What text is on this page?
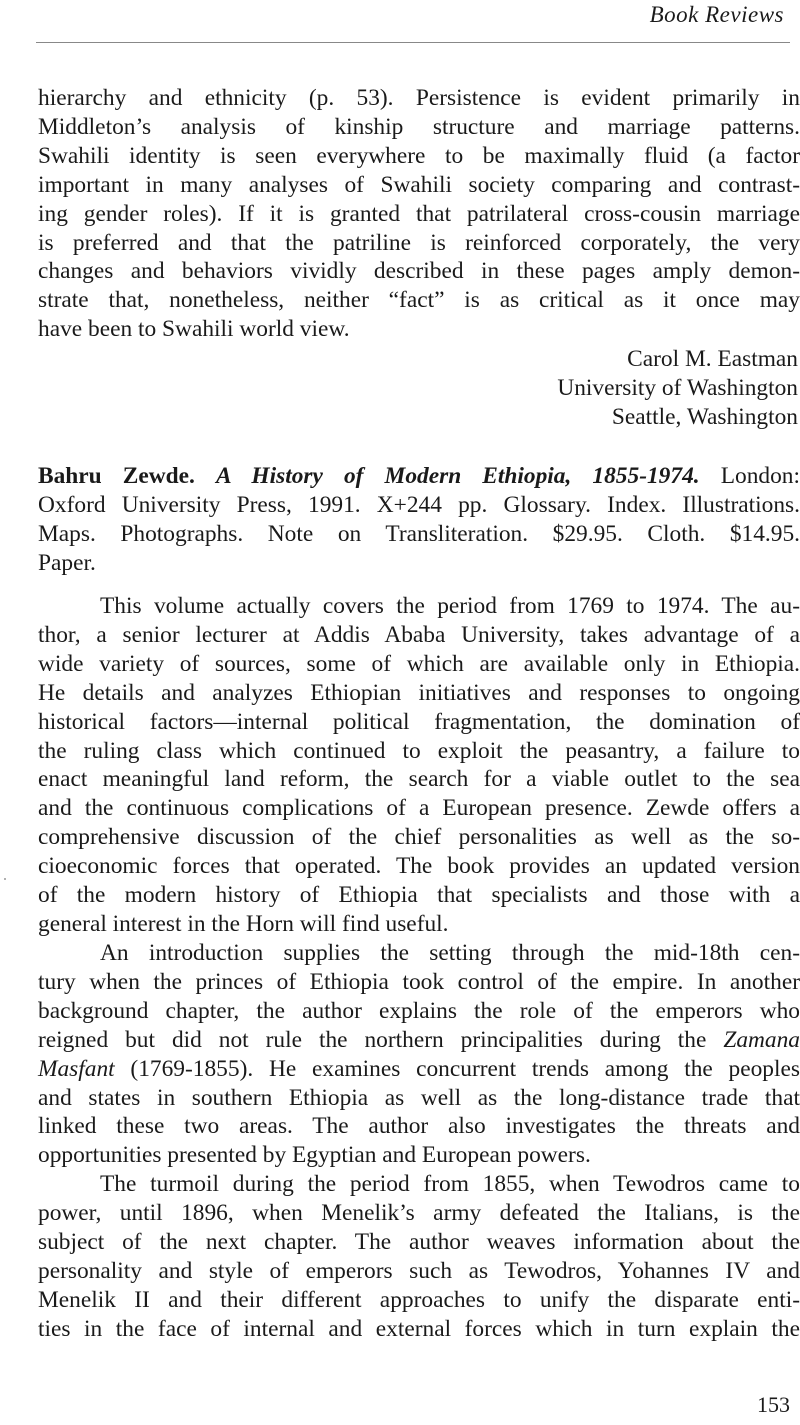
Book Reviews
hierarchy and ethnicity (p. 53). Persistence is evident primarily in
Middleton’s analysis of kinship structure and marriage patterns.
Swahili identity is seen everywhere to be maximally fluid (a factor
important in many analyses of Swahili society comparing and contrast-
ing gender roles). If it is granted that patrilateral cross-cousin marriage
is preferred and that the patriline is reinforced corporately, the very
changes and behaviors vividly described in these pages amply demon-
strate that, nonetheless, neither “fact” is as critical as it once may
have been to Swahili world view.
Carol M. Eastman
University of Washington
Seattle, Washington
Bahru Zewde. A History of Modern Ethiopia, 1855-1974. London:
Oxford University Press, 1991. X+244 pp. Glossary. Index. Illustrations.
Maps. Photographs. Note on Transliteration. $29.95. Cloth. $14.95.
Paper.
This volume actually covers the period from 1769 to 1974. The au-
thor, a senior lecturer at Addis Ababa University, takes advantage of a
wide variety of sources, some of which are available only in Ethiopia.
He details and analyzes Ethiopian initiatives and responses to ongoing
historical factors—internal political fragmentation, the domination of
the ruling class which continued to exploit the peasantry, a failure to
enact meaningful land reform, the search for a viable outlet to the sea
and the continuous complications of a European presence. Zewde offers a
comprehensive discussion of the chief personalities as well as the so-
cioeconomic forces that operated. The book provides an updated version
of the modern history of Ethiopia that specialists and those with a
general interest in the Horn will find useful.
An introduction supplies the setting through the mid-18th cen-
tury when the princes of Ethiopia took control of the empire. In another
background chapter, the author explains the role of the emperors who
reigned but did not rule the northern principalities during the Zamana
Masfant (1769-1855). He examines concurrent trends among the peoples
and states in southern Ethiopia as well as the long-distance trade that
linked these two areas. The author also investigates the threats and
opportunities presented by Egyptian and European powers.
The turmoil during the period from 1855, when Tewodros came to
power, until 1896, when Menelik’s army defeated the Italians, is the
subject of the next chapter. The author weaves information about the
personality and style of emperors such as Tewodros, Yohannes IV and
Menelik II and their different approaches to unify the disparate enti-
ties in the face of internal and external forces which in turn explain the
153
